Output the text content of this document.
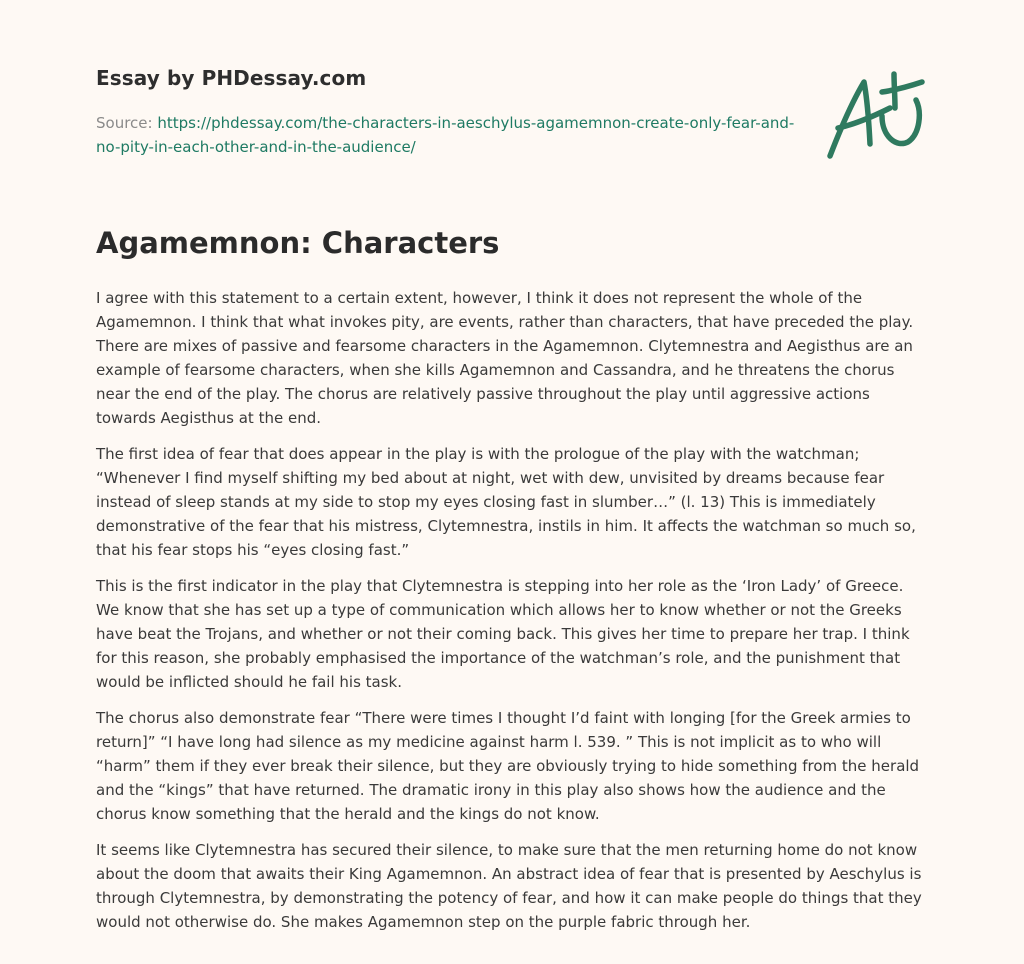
Essay by PHDessay.com
Source: https://phdessay.com/the-characters-in-aeschylus-agamemnon-create-only-fear-and-no-pity-in-each-other-and-in-the-audience/
Agamemnon: Characters

I agree with this statement to a certain extent, however, I think it does not represent the whole of the Agamemnon. I think that what invokes pity, are events, rather than characters, that have preceded the play. There are mixes of passive and fearsome characters in the Agamemnon. Clytemnestra and Aegisthus are an example of fearsome characters, when she kills Agamemnon and Cassandra, and he threatens the chorus near the end of the play. The chorus are relatively passive throughout the play until aggressive actions towards Aegisthus at the end.

The first idea of fear that does appear in the play is with the prologue of the play with the watchman; “Whenever I find myself shifting my bed about at night, wet with dew, unvisited by dreams because fear instead of sleep stands at my side to stop my eyes closing fast in slumber…” (l. 13) This is immediately demonstrative of the fear that his mistress, Clytemnestra, instils in him. It affects the watchman so much so, that his fear stops his “eyes closing fast.”

This is the first indicator in the play that Clytemnestra is stepping into her role as the ‘Iron Lady’ of Greece. We know that she has set up a type of communication which allows her to know whether or not the Greeks have beat the Trojans, and whether or not their coming back. This gives her time to prepare her trap. I think for this reason, she probably emphasised the importance of the watchman’s role, and the punishment that would be inflicted should he fail his task.

The chorus also demonstrate fear “There were times I thought I’d faint with longing [for the Greek armies to return]” “I have long had silence as my medicine against harm l. 539. ” This is not implicit as to who will “harm” them if they ever break their silence, but they are obviously trying to hide something from the herald and the “kings” that have returned. The dramatic irony in this play also shows how the audience and the chorus know something that the herald and the kings do not know.

It seems like Clytemnestra has secured their silence, to make sure that the men returning home do not know about the doom that awaits their King Agamemnon. An abstract idea of fear that is presented by Aeschylus is through Clytemnestra, by demonstrating the potency of fear, and how it can make people do things that they would not otherwise do. She makes Agamemnon step on the purple fabric through her.
